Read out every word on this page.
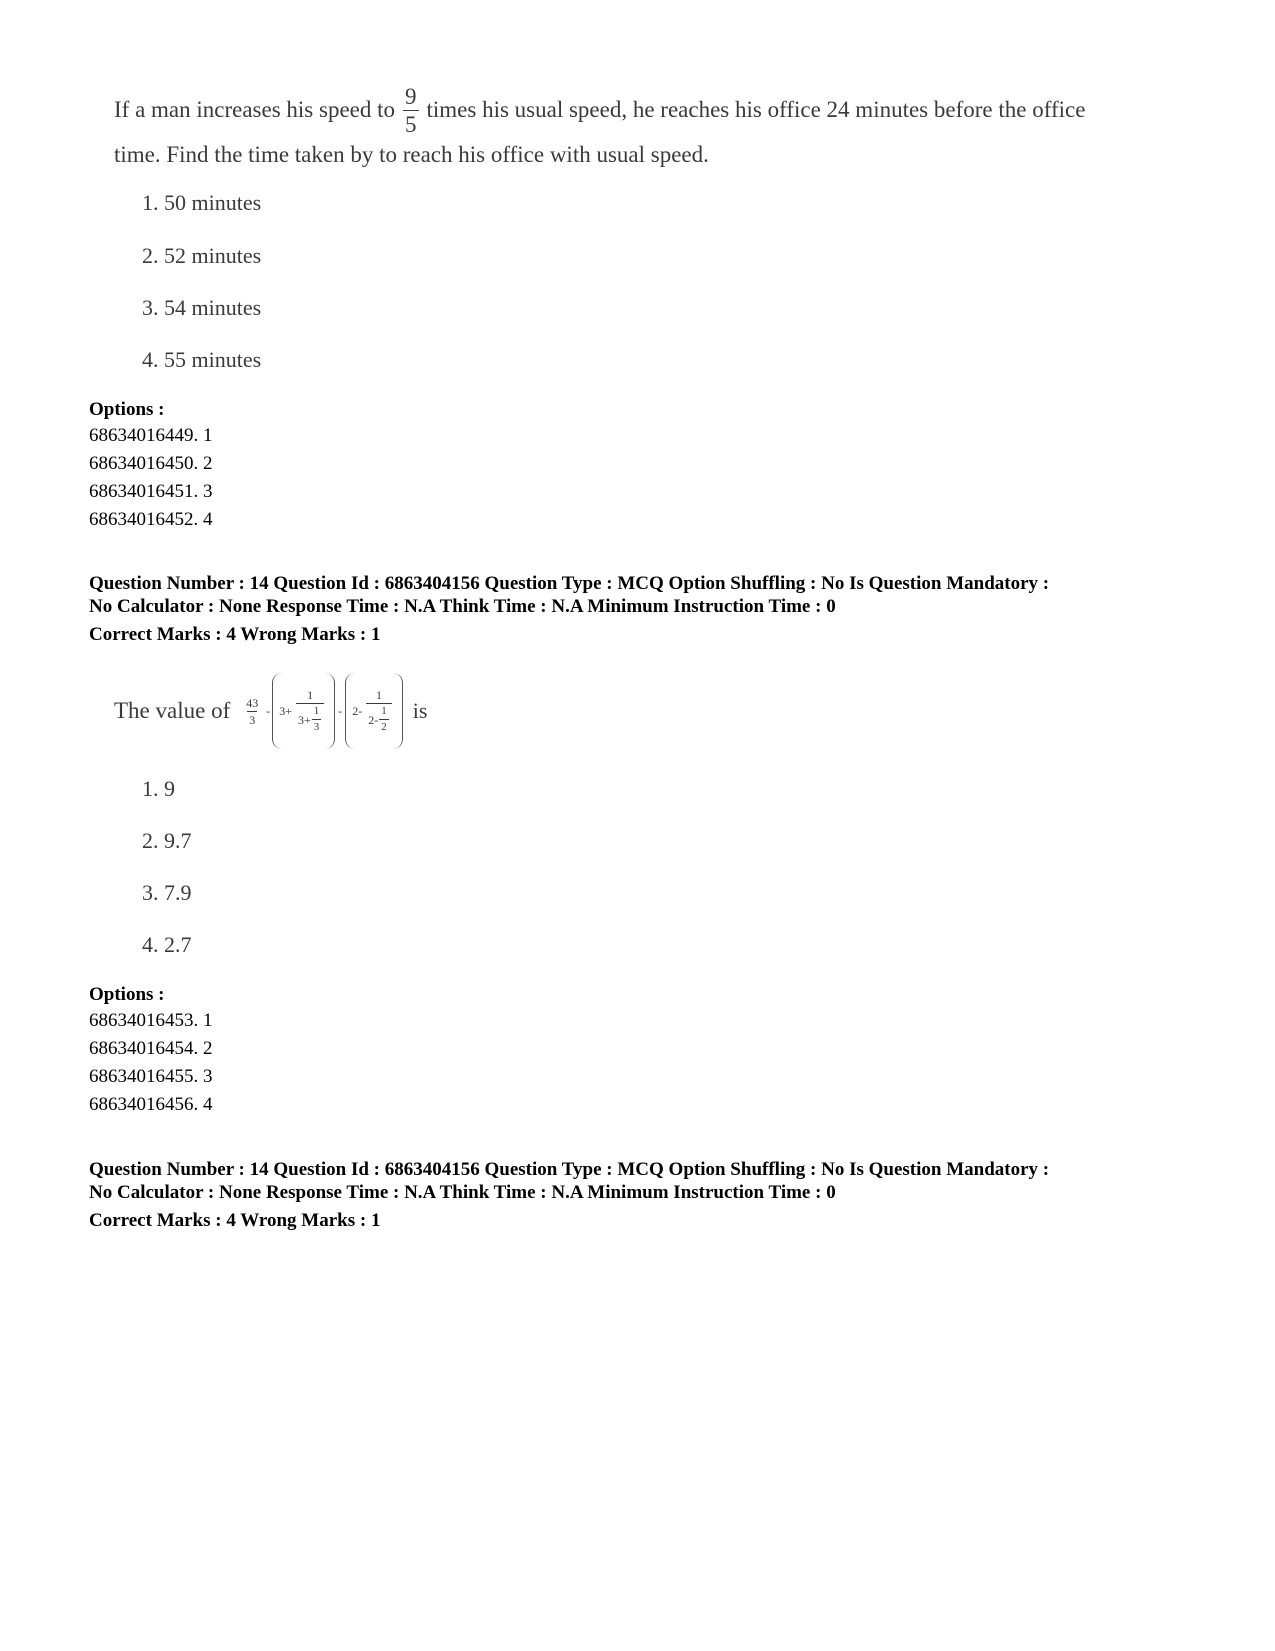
If a man increases his speed to $\frac{9}{5}$ times his usual speed, he reaches his office 24 minutes before the office
time. Find the time taken by to reach his office with usual speed.
1. 50 minutes
2. 52 minutes
3. 54 minutes
4. 55 minutes
Options :
68634016449. 1
68634016450. 2
68634016451. 3
68634016452. 4
Question Number : 14 Question Id : 6863404156 Question Type : MCQ Option Shuffling : No Is Question Mandatory :
No Calculator : None Response Time : N.A Think Time : N.A Minimum Instruction Time : 0
Correct Marks : 4 Wrong Marks : 1
The value of $\frac{43}{3} - 3+ \frac{1}{3+ \frac{1}{3}} - 2- \frac{1}{2- \frac{1}{2}}$ is
1. 9
2. 9.7
3. 7.9
4. 2.7
Options :
68634016453. 1
68634016454. 2
68634016455. 3
68634016456. 4
Question Number : 14 Question Id : 6863404156 Question Type : MCQ Option Shuffling : No Is Question Mandatory :
No Calculator : None Response Time : N.A Think Time : N.A Minimum Instruction Time : 0
Correct Marks : 4 Wrong Marks : 1
